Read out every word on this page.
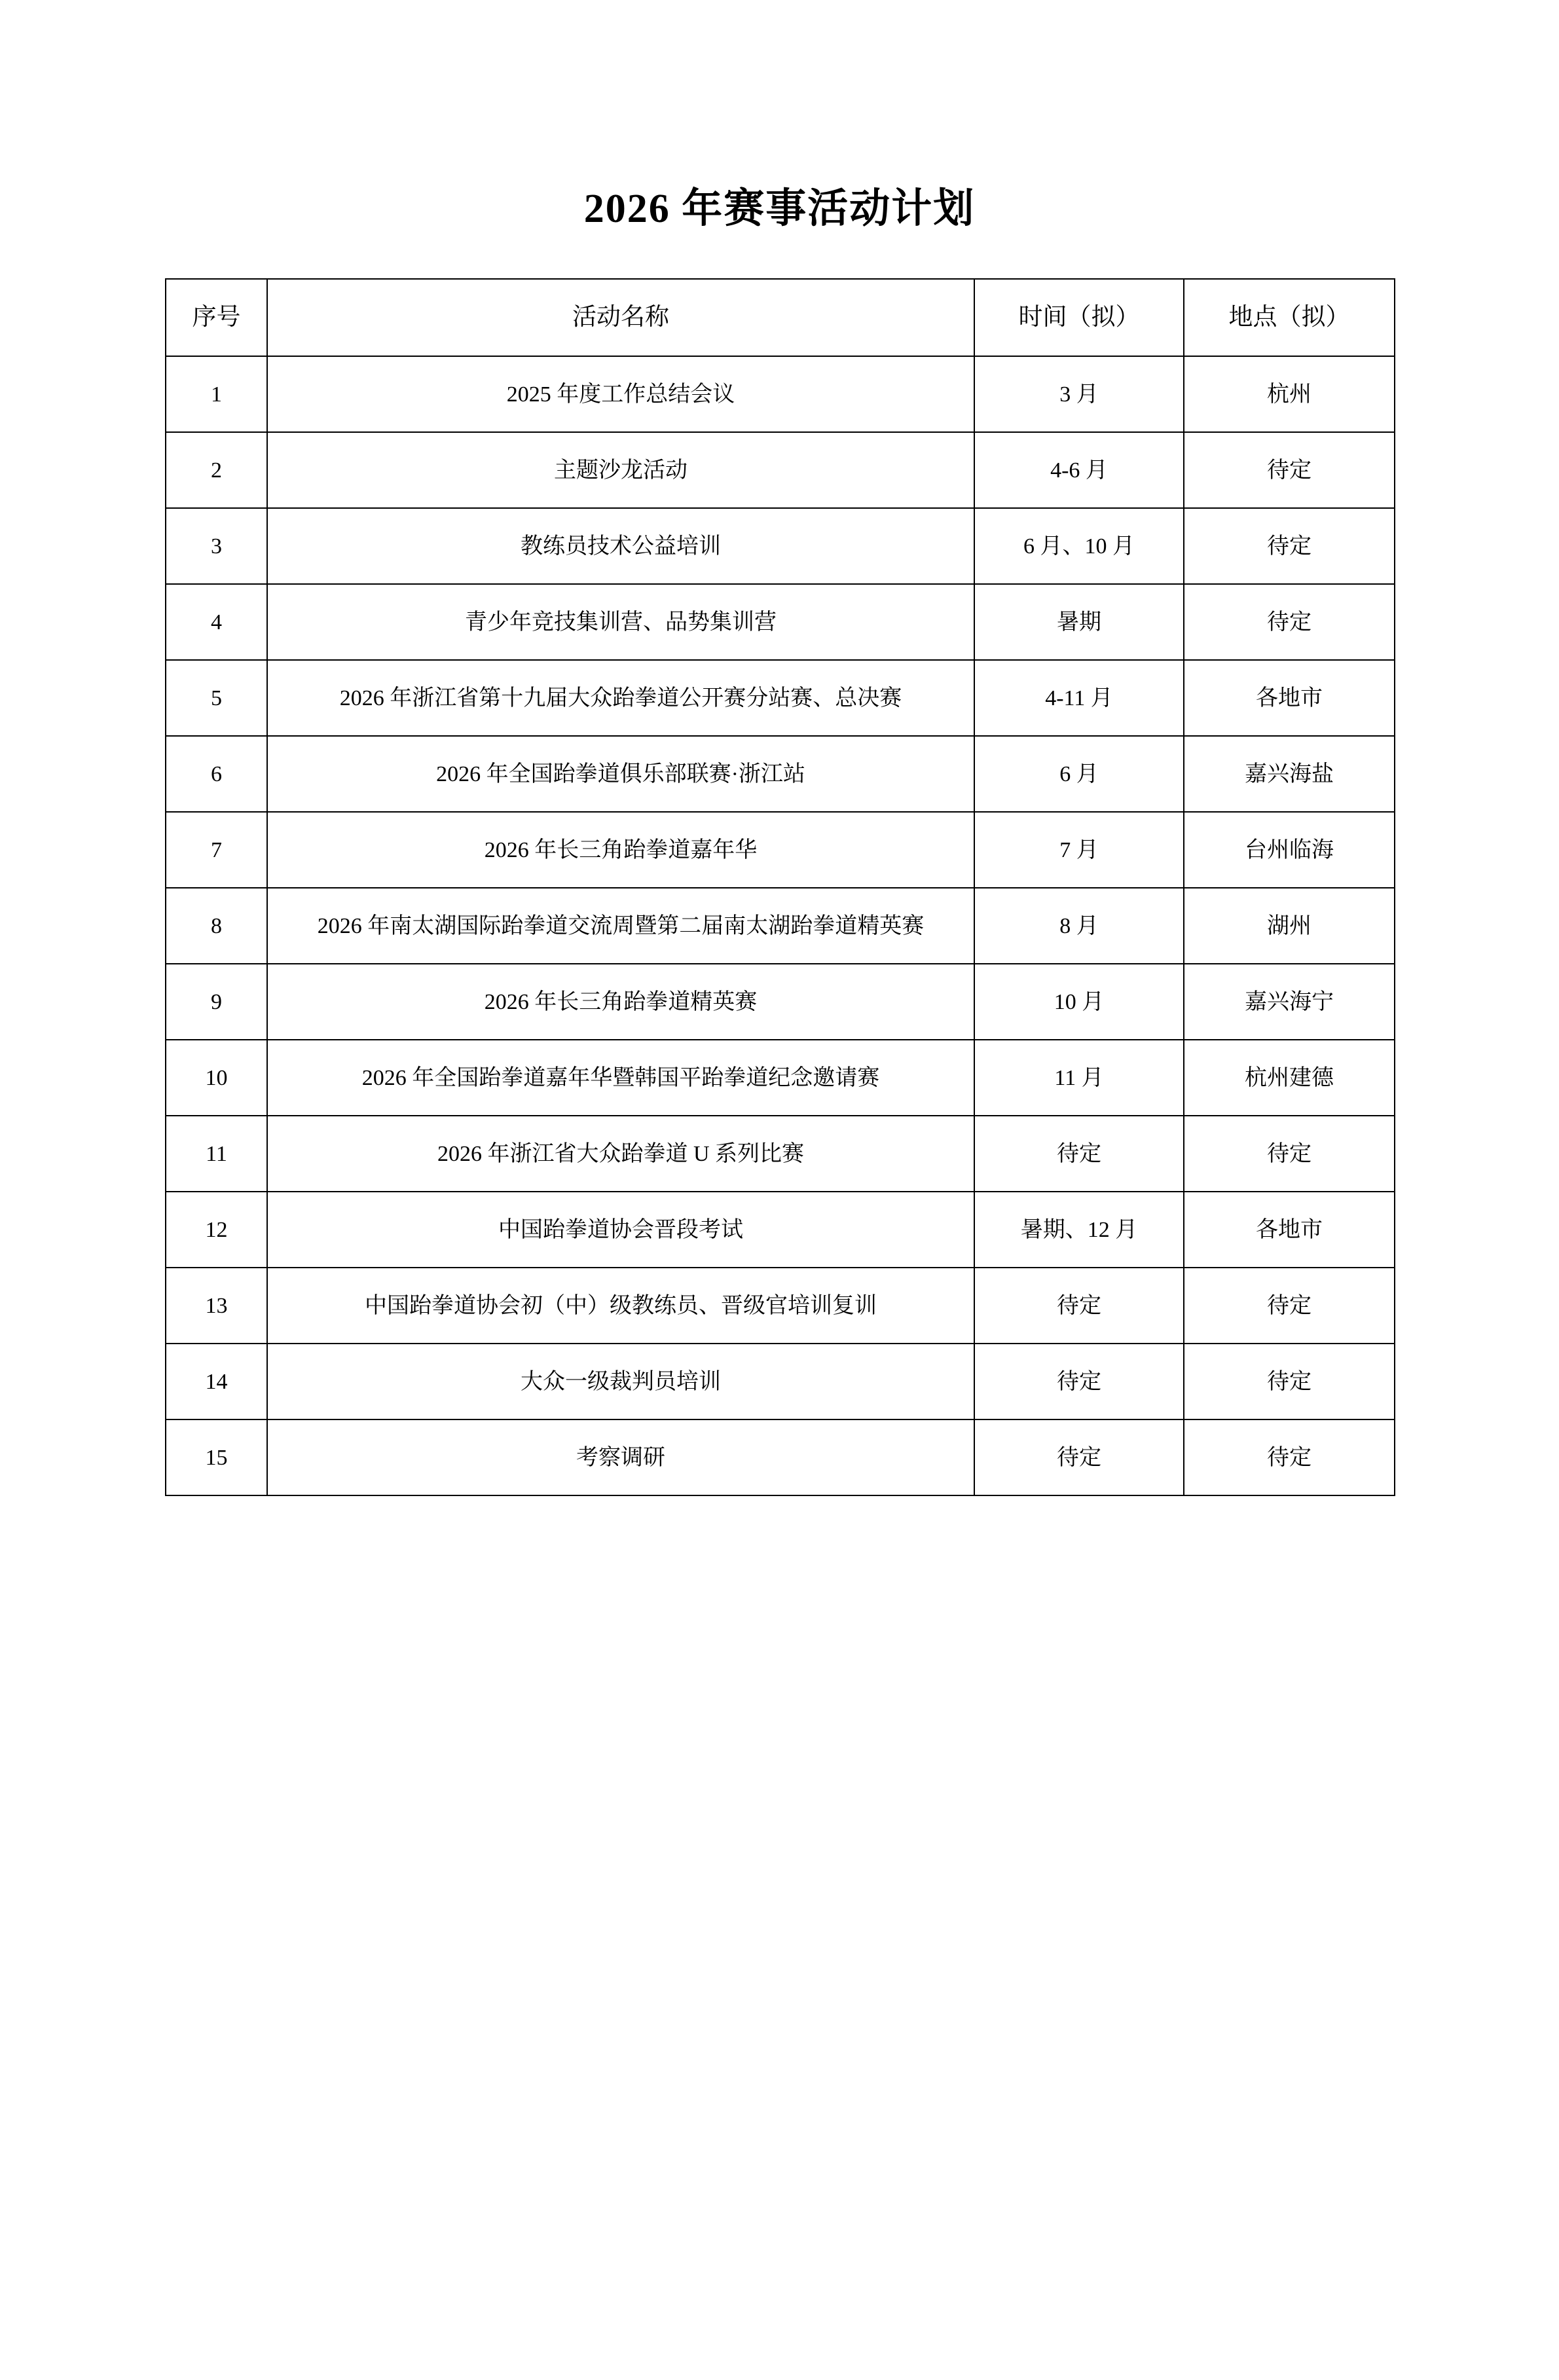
2026 年赛事活动计划
序号	活动名称	时间（拟）	地点（拟）
1	2025 年度工作总结会议	3 月	杭州
2	主题沙龙活动	4-6 月	待定
3	教练员技术公益培训	6 月、10 月	待定
4	青少年竞技集训营、品势集训营	暑期	待定
5	2026 年浙江省第十九届大众跆拳道公开赛分站赛、总决赛	4-11 月	各地市
6	2026 年全国跆拳道俱乐部联赛·浙江站	6 月	嘉兴海盐
7	2026 年长三角跆拳道嘉年华	7 月	台州临海
8	2026 年南太湖国际跆拳道交流周暨第二届南太湖跆拳道精英赛	8 月	湖州
9	2026 年长三角跆拳道精英赛	10 月	嘉兴海宁
10	2026 年全国跆拳道嘉年华暨韩国平跆拳道纪念邀请赛	11 月	杭州建德
11	2026 年浙江省大众跆拳道 U 系列比赛	待定	待定
12	中国跆拳道协会晋段考试	暑期、12 月	各地市
13	中国跆拳道协会初（中）级教练员、晋级官培训复训	待定	待定
14	大众一级裁判员培训	待定	待定
15	考察调研	待定	待定
